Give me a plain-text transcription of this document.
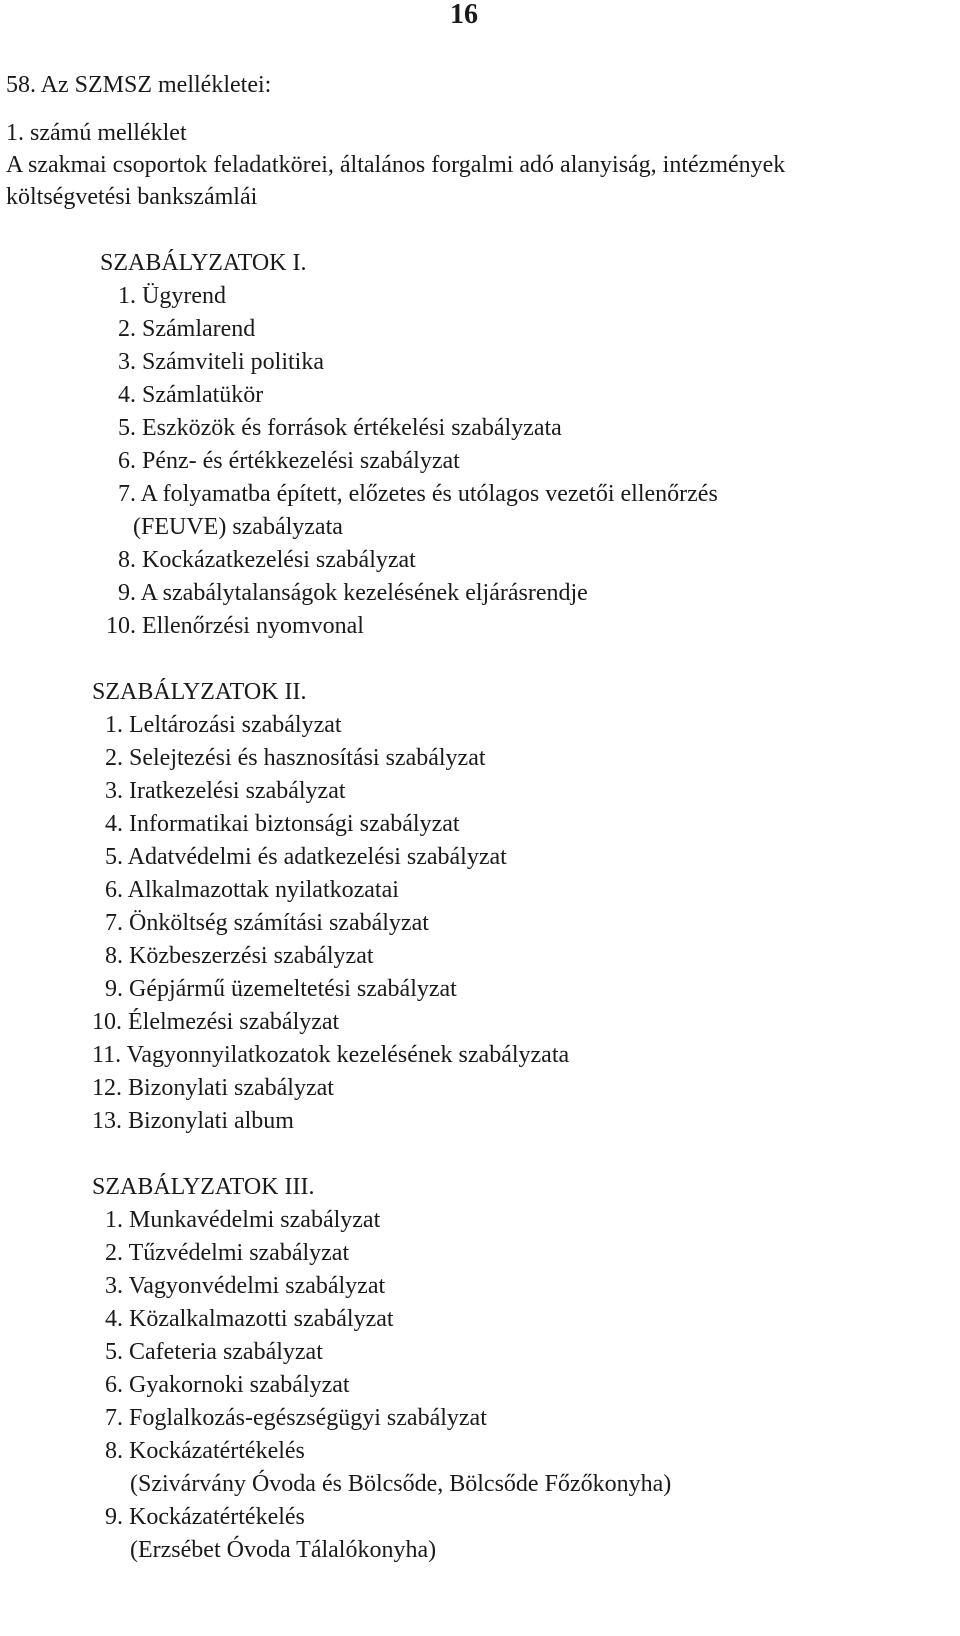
16
58. Az SZMSZ mellékletei:
1. számú melléklet
A szakmai csoportok feladatkörei, általános forgalmi adó alanyiság, intézmények
költségvetési bankszámlái
SZABÁLYZATOK I.
1. Ügyrend
2. Számlarend
3. Számviteli politika
4. Számlatükör
5. Eszközök és források értékelési szabályzata
6. Pénz- és értékkezelési szabályzat
7. A folyamatba épített, előzetes és utólagos vezetői ellenőrzés
(FEUVE) szabályzata
8. Kockázatkezelési szabályzat
9. A szabálytalanságok kezelésének eljárásrendje
10. Ellenőrzési nyomvonal
SZABÁLYZATOK II.
1. Leltározási szabályzat
2. Selejtezési és hasznosítási szabályzat
3. Iratkezelési szabályzat
4. Informatikai biztonsági szabályzat
5. Adatvédelmi és adatkezelési szabályzat
6. Alkalmazottak nyilatkozatai
7. Önköltség számítási szabályzat
8. Közbeszerzési szabályzat
9. Gépjármű üzemeltetési szabályzat
10. Élelmezési szabályzat
11. Vagyonnyilatkozatok kezelésének szabályzata
12. Bizonylati szabályzat
13. Bizonylati album
SZABÁLYZATOK III.
1. Munkavédelmi szabályzat
2. Tűzvédelmi szabályzat
3. Vagyonvédelmi szabályzat
4. Közalkalmazotti szabályzat
5. Cafeteria szabályzat
6. Gyakornoki szabályzat
7. Foglalkozás-egészségügyi szabályzat
8. Kockázatértékelés
(Szivárvány Óvoda és Bölcsőde, Bölcsőde Főzőkonyha)
9. Kockázatértékelés
(Erzsébet Óvoda Tálalókonyha)
